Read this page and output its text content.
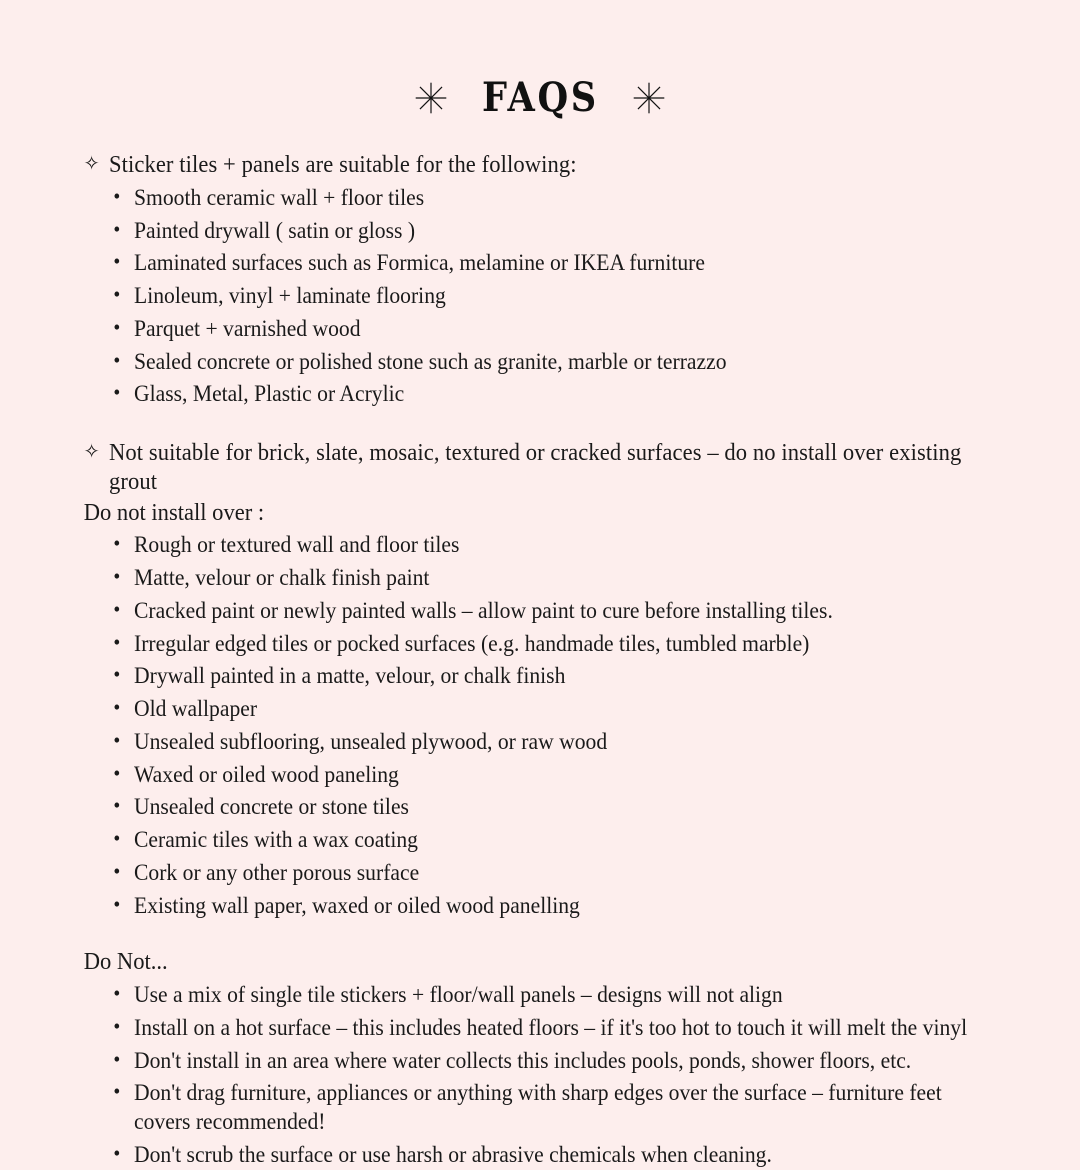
FAQS
✧ Sticker tiles + panels are suitable for the following:
• Smooth ceramic wall + floor tiles
• Painted drywall ( satin or gloss )
• Laminated surfaces such as Formica, melamine or IKEA furniture
• Linoleum, vinyl + laminate flooring
• Parquet + varnished wood
• Sealed concrete or polished stone such as granite, marble or terrazzo
• Glass, Metal, Plastic or Acrylic
✧ Not suitable for brick, slate, mosaic, textured or cracked surfaces – do no install over existing grout
Do not install over :
• Rough or textured wall and floor tiles
• Matte, velour or chalk finish paint
• Cracked paint or newly painted walls – allow paint to cure before installing tiles.
• Irregular edged tiles or pocked surfaces (e.g. handmade tiles, tumbled marble)
• Drywall painted in a matte, velour, or chalk finish
• Old wallpaper
• Unsealed subflooring, unsealed plywood, or raw wood
• Waxed or oiled wood paneling
• Unsealed concrete or stone tiles
• Ceramic tiles with a wax coating
• Cork or any other porous surface
• Existing wall paper, waxed or oiled wood panelling
Do Not...
• Use a mix of single tile stickers + floor/wall panels – designs will not align
• Install on a hot surface – this includes heated floors – if it's too hot to touch it will melt the vinyl
• Don't install in an area where water collects this includes pools, ponds, shower floors, etc.
• Don't drag furniture, appliances or anything with sharp edges over the surface – furniture feet covers recommended!
• Don't scrub the surface or use harsh or abrasive chemicals when cleaning.
